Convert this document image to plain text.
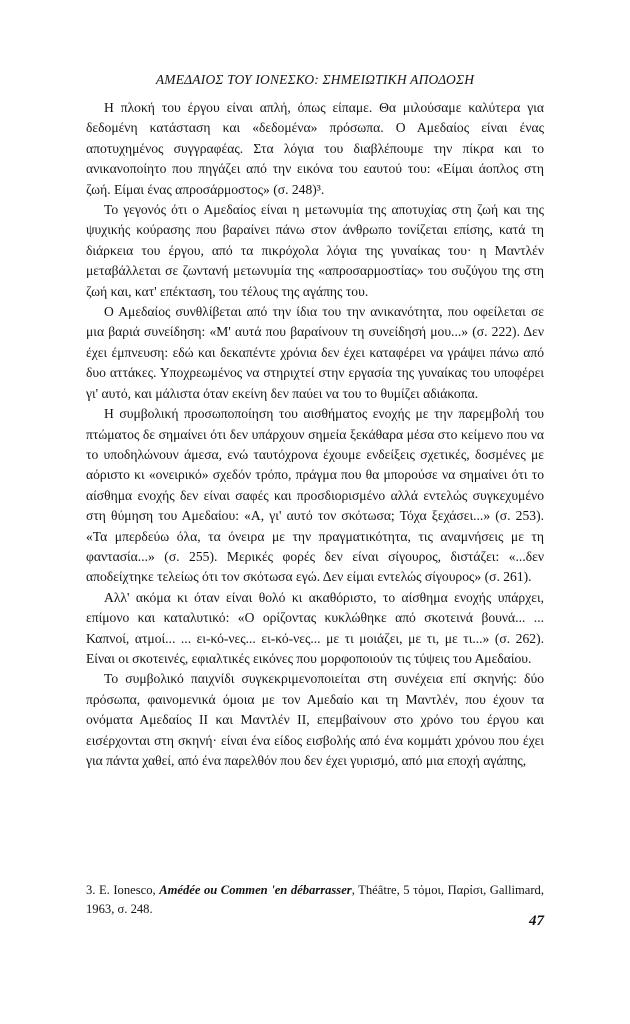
ΑΜΕΔΑΙΟΣ ΤΟΥ ΙΟΝΕΣΚΟ: ΣΗΜΕΙΩΤΙΚΗ ΑΠΟΔΟΣΗ

Η πλοκή του έργου είναι απλή, όπως είπαμε. Θα μιλούσαμε καλύτερα για δεδομένη κατάσταση και «δεδομένα» πρόσωπα. Ο Αμεδαίος είναι ένας αποτυχημένος συγγραφέας. Στα λόγια του διαβλέπουμε την πίκρα και το ανικανοποίητο που πηγάζει από την εικόνα του εαυτού του: «Είμαι άοπλος στη ζωή. Είμαι ένας απροσάρμοστος» (σ. 248)³.

Το γεγονός ότι ο Αμεδαίος είναι η μετωνυμία της αποτυχίας στη ζωή και της ψυχικής κούρασης που βαραίνει πάνω στον άνθρωπο τονίζεται επίσης, κατά τη διάρκεια του έργου, από τα πικρόχολα λόγια της γυναίκας του· η Μαντλέν μεταβάλλεται σε ζωντανή μετωνυμία της «απροσαρμοστίας» του συζύγου της στη ζωή και, κατ' επέκταση, του τέλους της αγάπης του.

Ο Αμεδαίος συνθλίβεται από την ίδια του την ανικανότητα, που οφείλεται σε μια βαριά συνείδηση: «Μ' αυτά που βαραίνουν τη συνείδησή μου...» (σ. 222). Δεν έχει έμπνευση: εδώ και δεκαπέντε χρόνια δεν έχει καταφέρει να γράψει πάνω από δυο αττάκες. Υποχρεωμένος να στηριχτεί στην εργασία της γυναίκας του υποφέρει γι' αυτό, και μάλιστα όταν εκείνη δεν παύει να του το θυμίζει αδιάκοπα.

Η συμβολική προσωποποίηση του αισθήματος ενοχής με την παρεμβολή του πτώματος δε σημαίνει ότι δεν υπάρχουν σημεία ξεκάθαρα μέσα στο κείμενο που να το υποδηλώνουν άμεσα, ενώ ταυτόχρονα έχουμε ενδείξεις σχετικές, δοσμένες με αόριστο κι «ονειρικό» σχεδόν τρόπο, πράγμα που θα μπορούσε να σημαίνει ότι το αίσθημα ενοχής δεν είναι σαφές και προσδιορισμένο αλλά εντελώς συγκεχυμένο στη θύμηση του Αμεδαίου: «Α, γι' αυτό τον σκότωσα; Τόχα ξεχάσει...» (σ. 253). «Τα μπερδεύω όλα, τα όνειρα με την πραγματικότητα, τις αναμνήσεις με τη φαντασία...» (σ. 255). Μερικές φορές δεν είναι σίγουρος, διστάζει: «...δεν αποδείχτηκε τελείως ότι τον σκότωσα εγώ. Δεν είμαι εντελώς σίγουρος» (σ. 261).

Αλλ' ακόμα κι όταν είναι θολό κι ακαθόριστο, το αίσθημα ενοχής υπάρχει, επίμονο και καταλυτικό: «Ο ορίζοντας κυκλώθηκε από σκοτεινά βουνά... ... Καπνοί, ατμοί... ... ει-κό-νες... ει-κό-νες... με τι μοιάζει, με τι, με τι...» (σ. 262). Είναι οι σκοτεινές, εφιαλτικές εικόνες που μορφοποιούν τις τύψεις του Αμεδαίου.

Το συμβολικό παιχνίδι συγκεκριμενοποιείται στη συνέχεια επί σκηνής: δύο πρόσωπα, φαινομενικά όμοια με τον Αμεδαίο και τη Μαντλέν, που έχουν τα ονόματα Αμεδαίος ΙΙ και Μαντλέν ΙΙ, επεμβαίνουν στο χρόνο του έργου και εισέρχονται στη σκηνή· είναι ένα είδος εισβολής από ένα κομμάτι χρόνου που έχει για πάντα χαθεί, από ένα παρελθόν που δεν έχει γυρισμό, από μια εποχή αγάπης,

3. E. Ionesco, Amédée ou Commen 'en débarrasser, Théâtre, 5 τόμοι, Παρίσι, Gallimard, 1963, σ. 248.
47
